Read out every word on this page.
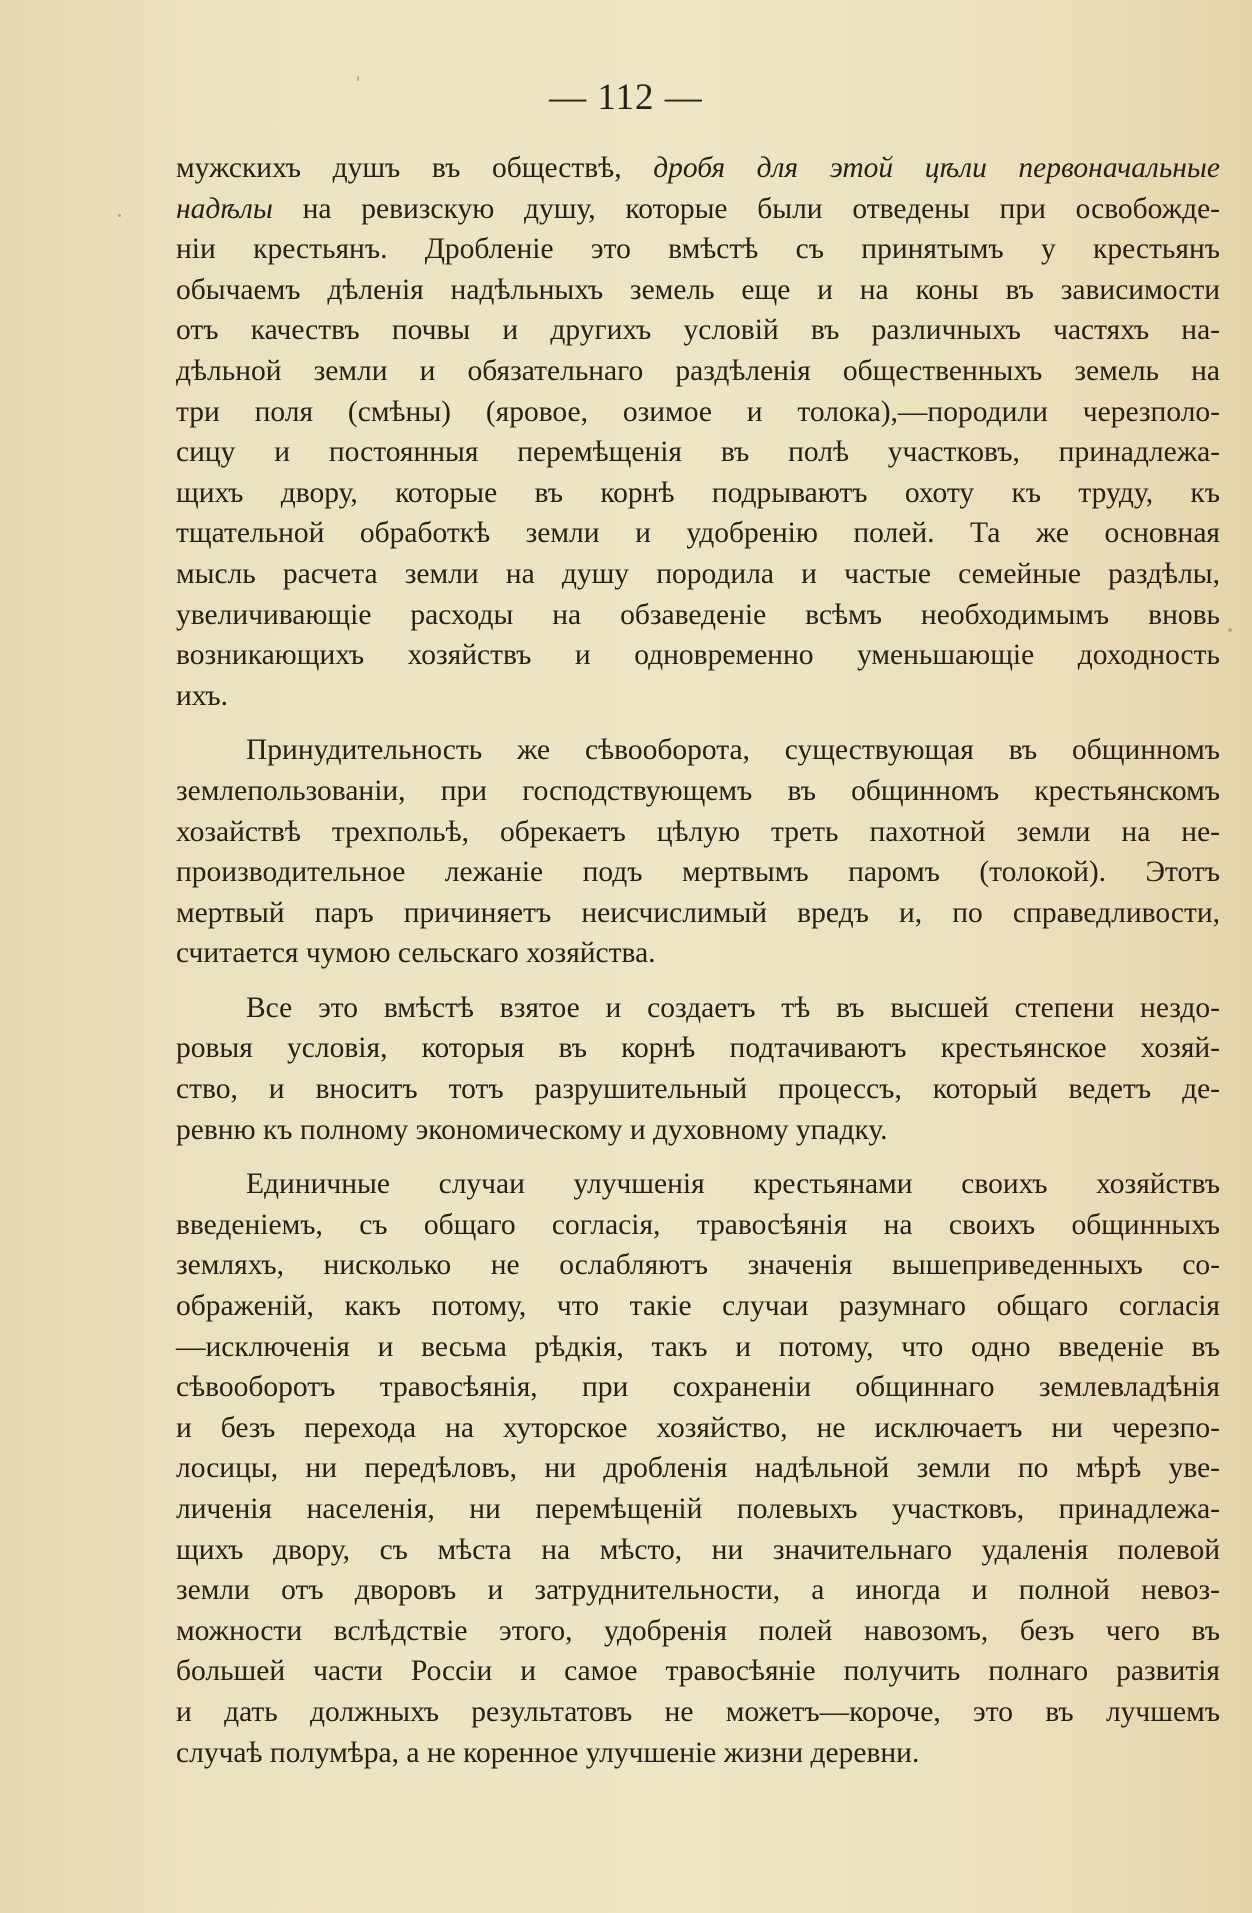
— 112 —
мужскихъ душъ въ обществѣ, дробя для этой цѣли первоначальные
надѣлы на ревизскую душу, которые были отведены при освобожде-
ніи крестьянъ. Дробленіе это вмѣстѣ съ принятымъ у крестьянъ
обычаемъ дѣленія надѣльныхъ земель еще и на коны въ зависимости
отъ качествъ почвы и другихъ условій въ различныхъ частяхъ на-
дѣльной земли и обязательнаго раздѣленія общественныхъ земель на
три поля (смѣны) (яровое, озимое и толока),—породили черезполо-
сицу и постоянныя перемѣщенія въ полѣ участковъ, принадлежа-
щихъ двору, которые въ корнѣ подрываютъ охоту къ труду, къ
тщательной обработкѣ земли и удобренію полей. Та же основная
мысль расчета земли на душу породила и частые семейные раздѣлы,
увеличивающіе расходы на обзаведеніе всѣмъ необходимымъ вновь
возникающихъ хозяйствъ и одновременно уменьшающіе доходность
ихъ.
Принудительность же сѣвооборота, существующая въ общинномъ
землепользованіи, при господствующемъ въ общинномъ крестьянскомъ
хозайствѣ трехпольѣ, обрекаетъ цѣлую треть пахотной земли на не-
производительное лежаніе подъ мертвымъ паромъ (толокой). Этотъ
мертвый паръ причиняетъ неисчислимый вредъ и, по справедливости,
считается чумою сельскаго хозяйства.
Все это вмѣстѣ взятое и создаетъ тѣ въ высшей степени нездо-
ровыя условія, которыя въ корнѣ подтачиваютъ крестьянское хозяй-
ство, и вноситъ тотъ разрушительный процессъ, который ведетъ де-
ревню къ полному экономическому и духовному упадку.
Единичные случаи улучшенія крестьянами своихъ хозяйствъ
введеніемъ, съ общаго согласія, травосѣянія на своихъ общинныхъ
земляхъ, нисколько не ослабляютъ значенія вышеприведенныхъ со-
ображеній, какъ потому, что такіе случаи разумнаго общаго согласія
—исключенія и весьма рѣдкія, такъ и потому, что одно введеніе въ
сѣвооборотъ травосѣянія, при сохраненіи общиннаго землевладѣнія
и безъ перехода на хуторское хозяйство, не исключаетъ ни черезпо-
лосицы, ни передѣловъ, ни дробленія надѣльной земли по мѣрѣ уве-
личенія населенія, ни перемѣщеній полевыхъ участковъ, принадлежа-
щихъ двору, съ мѣста на мѣсто, ни значительнаго удаленія полевой
земли отъ дворовъ и затруднительности, а иногда и полной невоз-
можности вслѣдствіе этого, удобренія полей навозомъ, безъ чего въ
большей части Россіи и самое травосѣяніе получить полнаго развитія
и дать должныхъ результатовъ не можетъ—короче, это въ лучшемъ
случаѣ полумѣра, а не коренное улучшеніе жизни деревни.
